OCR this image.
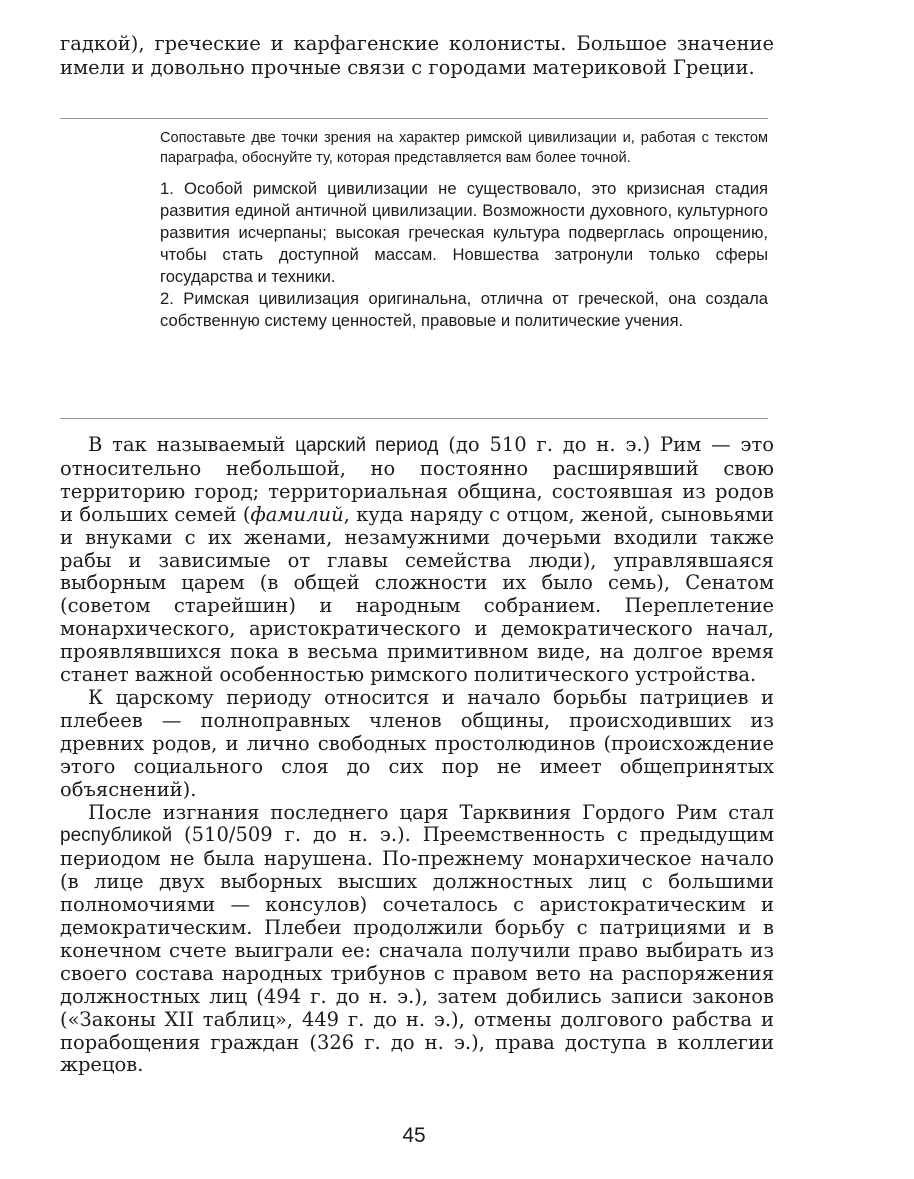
гадкой), греческие и карфагенские колонисты. Большое значение имели и довольно прочные связи с городами материковой Греции.

Сопоставьте две точки зрения на характер римской цивилизации и, работая с текстом параграфа, обоснуйте ту, которая представляется вам более точной.

1. Особой римской цивилизации не существовало, это кризисная стадия развития единой античной цивилизации. Возможности духовного, культурного развития исчерпаны; высокая греческая культура подверглась опрощению, чтобы стать доступной массам. Новшества затронули только сферы государства и техники.

2. Римская цивилизация оригинальна, отлична от греческой, она создала собственную систему ценностей, правовые и политические учения.

В так называемый царский период (до 510 г. до н. э.) Рим — это относительно небольшой, но постоянно расширявший свою территорию город; территориальная община, состоявшая из родов и больших семей (фамилий, куда наряду с отцом, женой, сыновьями и внуками с их женами, незамужними дочерьми входили также рабы и зависимые от главы семейства люди), управлявшаяся выборным царем (в общей сложности их было семь), Сенатом (советом старейшин) и народным собранием. Переплетение монархического, аристократического и демократического начал, проявлявшихся пока в весьма примитивном виде, на долгое время станет важной особенностью римского политического устройства.

К царскому периоду относится и начало борьбы патрициев и плебеев — полноправных членов общины, происходивших из древних родов, и лично свободных простолюдинов (происхождение этого социального слоя до сих пор не имеет общепринятых объяснений).

После изгнания последнего царя Тарквиния Гордого Рим стал республикой (510/509 г. до н. э.). Преемственность с предыдущим периодом не была нарушена. По-прежнему монархическое начало (в лице двух выборных высших должностных лиц с большими полномочиями — консулов) сочеталось с аристократическим и демократическим. Плебеи продолжили борьбу с патрициями и в конечном счете выиграли ее: сначала получили право выбирать из своего состава народных трибунов с правом вето на распоряжения должностных лиц (494 г. до н. э.), затем добились записи законов («Законы XII таблиц», 449 г. до н. э.), отмены долгового рабства и порабощения граждан (326 г. до н. э.), права доступа в коллегии жрецов.

45
